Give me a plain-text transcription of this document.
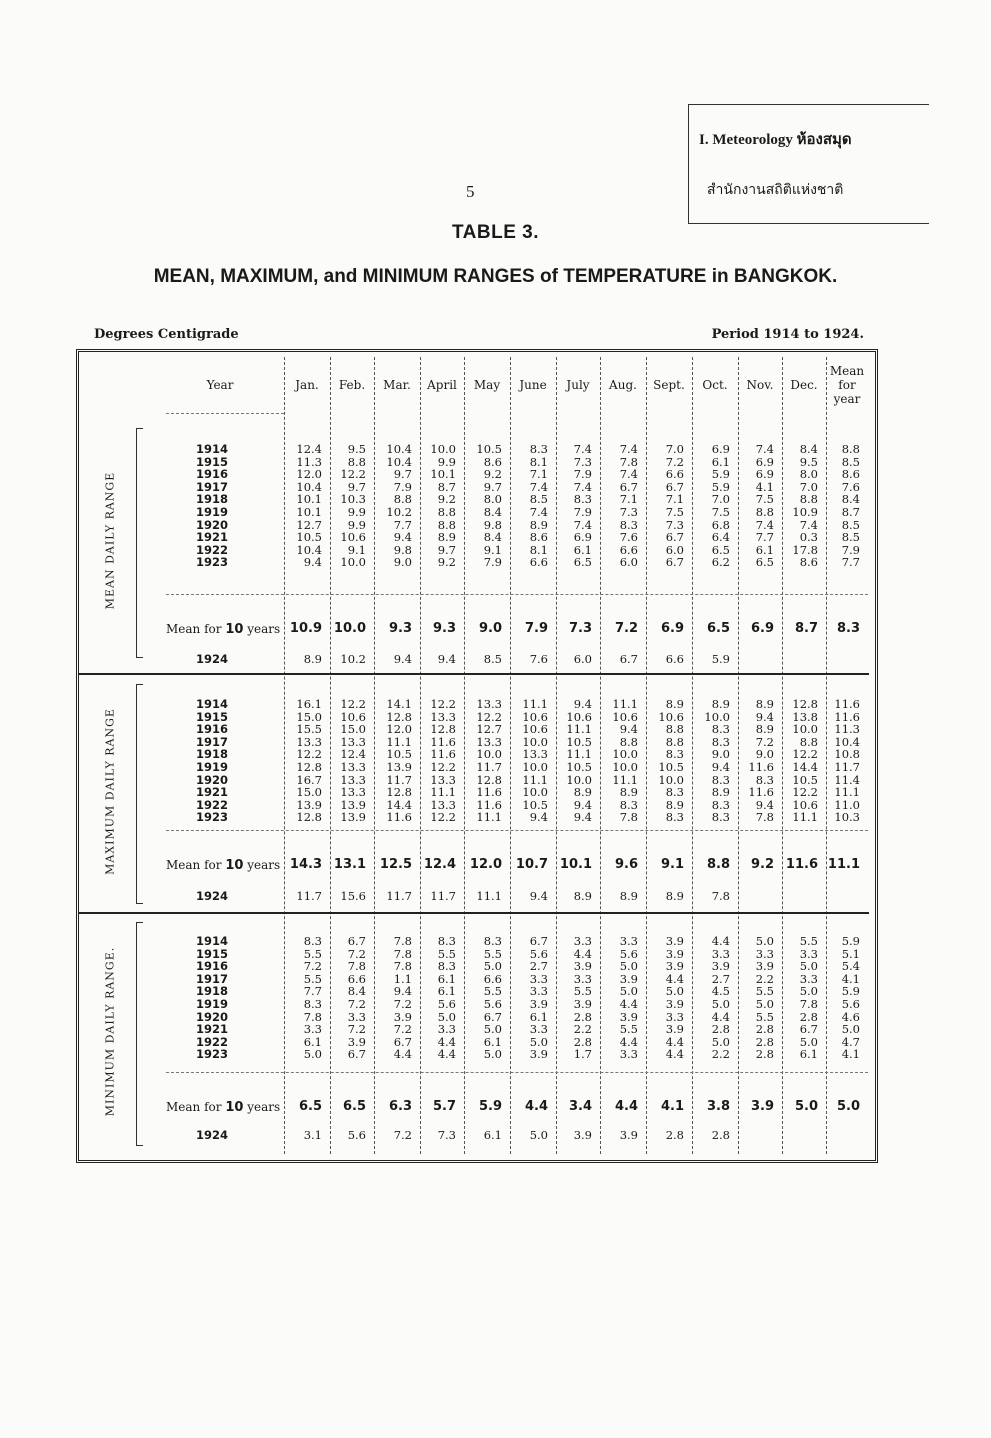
I. Meteorology ห้องสมุด
สำนักงานสถิติแห่งชาติ
5
TABLE 3.
MEAN, MAXIMUM, and MINIMUM RANGES of TEMPERATURE in BANGKOK.
Degrees Centigrade	Period 1914 to 1924.
Year	Jan.	Feb.	Mar.	April	May	June	July	Aug.	Sept.	Oct.	Nov.	Dec.
Mean for year
MEAN DAILY RANGE
1914	12.4	9.5	10.4	10.0	10.5	8.3	7.4	7.4	7.0	6.9	7.4	8.4	8.8
1915	11.3	8.8	10.4	9.9	8.6	8.1	7.3	7.8	7.2	6.1	6.9	9.5	8.5
1916	12.0	12.2	9.7	10.1	9.2	7.1	7.9	7.4	6.6	5.9	6.9	8.0	8.6
1917	10.4	9.7	7.9	8.7	9.7	7.4	7.4	6.7	6.7	5.9	4.1	7.0	7.6
1918	10.1	10.3	8.8	9.2	8.0	8.5	8.3	7.1	7.1	7.0	7.5	8.8	8.4
1919	10.1	9.9	10.2	8.8	8.4	7.4	7.9	7.3	7.5	7.5	8.8	10.9	8.7
1920	12.7	9.9	7.7	8.8	9.8	8.9	7.4	8.3	7.3	6.8	7.4	7.4	8.5
1921	10.5	10.6	9.4	8.9	8.4	8.6	6.9	7.6	6.7	6.4	7.7	0.3	8.5
1922	10.4	9.1	9.8	9.7	9.1	8.1	6.1	6.6	6.0	6.5	6.1	17.8	7.9
1923	9.4	10.0	9.0	9.2	7.9	6.6	6.5	6.0	6.7	6.2	6.5	8.6	7.7
Mean for 10 years 10.9 10.0	9.3	9.3	9.0	7.9	7.3	7.2	6.9	6.5	6.9	8.7	8.3
1924	8.9	10.2	9.4	9.4	8.5	7.6	6.0	6.7	6.6	5.9
MAXIMUM DAILY RANGE
1914	16.1	12.2	14.1	12.2	13.3	11.1	9.4	11.1	8.9	8.9	8.9	12.8	11.6
1915	15.0	10.6	12.8	13.3	12.2	10.6	10.6	10.6	10.6	10.0	9.4	13.8	11.6
1916	15.5	15.0	12.0	12.8	12.7	10.6	11.1	9.4	8.8	8.3	8.9	10.0	11.3
1917	13.3	13.3	11.1	11.6	13.3	10.0	10.5	8.8	8.8	8.3	7.2	8.8	10.4
1918	12.2	12.4	10.5	11.6	10.0	13.3	11.1	10.0	8.3	9.0	9.0	12.2	10.8
1919	12.8	13.3	13.9	12.2	11.7	10.0	10.5	10.0	10.5	9.4	11.6	14.4	11.7
1920	16.7	13.3	11.7	13.3	12.8	11.1	10.0	11.1	10.0	8.3	8.3	10.5	11.4
1921	15.0	13.3	12.8	11.1	11.6	10.0	8.9	8.9	8.3	8.9	11.6	12.2	11.1
1922	13.9	13.9	14.4	13.3	11.6	10.5	9.4	8.3	8.9	8.3	9.4	10.6	11.0
1923	12.8	13.9	11.6	12.2	11.1	9.4	9.4	7.8	8.3	8.3	7.8	11.1	10.3
Mean for 10 years 14.3 13.1	12.5 12.4	12.0	10.7 10.1	9.6	9.1	8.8	9.2 11.6 11.1
1924	11.7	15.6	11.7	11.7	11.1	9.4	8.9	8.9	8.9	7.8
MINIMUM DAILY RANGE.
1914	8.3	6.7	7.8	8.3	8.3	6.7	3.3	3.3	3.9	4.4	5.0	5.5	5.9
1915	5.5	7.2	7.8	5.5	5.5	5.6	4.4	5.6	3.9	3.3	3.3	3.3	5.1
1916	7.2	7.8	7.8	8.3	5.0	2.7	3.9	5.0	3.9	3.9	3.9	5.0	5.4
1917	5.5	6.6	1.1	6.1	6.6	3.3	3.3	3.9	4.4	2.7	2.2	3.3	4.1
1918	7.7	8.4	9.4	6.1	5.5	3.3	5.5	5.0	5.0	4.5	5.5	5.0	5.9
1919	8.3	7.2	7.2	5.6	5.6	3.9	3.9	4.4	3.9	5.0	5.0	7.8	5.6
1920	7.8	3.3	3.9	5.0	6.7	6.1	2.8	3.9	3.3	4.4	5.5	2.8	4.6
1921	3.3	7.2	7.2	3.3	5.0	3.3	2.2	5.5	3.9	2.8	2.8	6.7	5.0
1922	6.1	3.9	6.7	4.4	6.1	5.0	2.8	4.4	4.4	5.0	2.8	5.0	4.7
1923	5.0	6.7	4.4	4.4	5.0	3.9	1.7	3.3	4.4	2.2	2.8	6.1	4.1
Mean for 10 years	6.5	6.5	6.3	5.7	5.9	4.4	3.4	4.4	4.1	3.8	3.9	5.0	5.0
1924	3.1	5.6	7.2	7.3	6.1	5.0	3.9	3.9	2.8	2.8
